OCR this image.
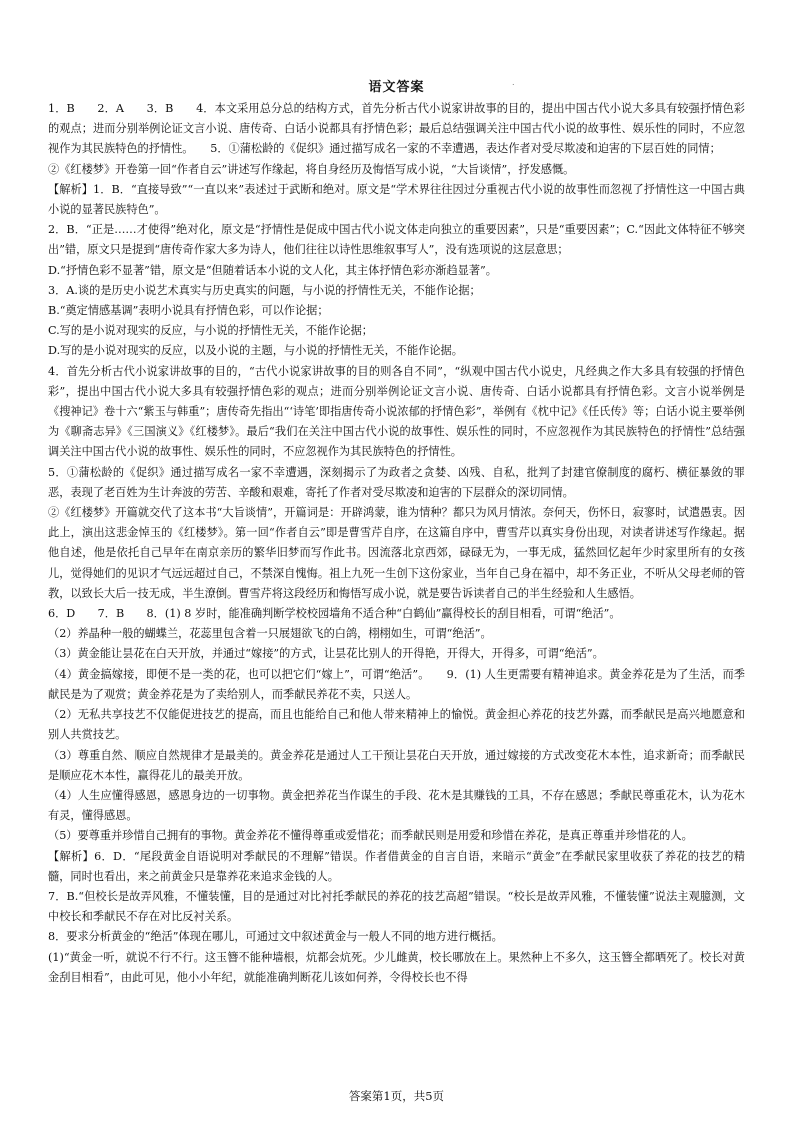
.
语文答案

1．B　　2．A　　3．B　　4．本文采用总分总的结构方式，首先分析古代小说家讲故事的目的，提出中国古代小说大多具有较强抒情色彩的观点；进而分别举例论证文言小说、唐传奇、白话小说都具有抒情色彩；最后总结强调关注中国古代小说的故事性、娱乐性的同时，不应忽视作为其民族特色的抒情性。　　5．①蒲松龄的《促织》通过描写成名一家的不幸遭遇，表达作者对受尽欺凌和迫害的下层百姓的同情；

②《红楼梦》开卷第一回“作者自云”讲述写作缘起，将自身经历及悔悟写成小说，“大旨谈情”，抒发感慨。

【解析】1．B．“直接导致”“一直以来”表述过于武断和绝对。原文是“学术界往往因过分重视古代小说的故事性而忽视了抒情性这一中国古典小说的显著民族特色”。

2．B．“正是……才使得”绝对化，原文是“抒情性是促成中国古代小说文体走向独立的重要因素”，只是“重要因素”；C.“因此文体特征不够突出”错，原文只是提到“唐传奇作家大多为诗人，他们往往以诗性思维叙事写人”，没有选项说的这层意思；

D.“抒情色彩不显著”错，原文是“但随着话本小说的文人化，其主体抒情色彩亦渐趋显著”。

3．A.谈的是历史小说艺术真实与历史真实的问题，与小说的抒情性无关，不能作论据；

B.“奠定情感基调”表明小说具有抒情色彩，可以作论据；

C.写的是小说对现实的反应，与小说的抒情性无关，不能作论据；

D.写的是小说对现实的反应，以及小说的主题，与小说的抒情性无关，不能作论据。

4．首先分析古代小说家讲故事的目的，“古代小说家讲故事的目的则各自不同”，“纵观中国古代小说史，凡经典之作大多具有较强的抒情色彩”，提出中国古代小说大多具有较强抒情色彩的观点；进而分别举例论证文言小说、唐传奇、白话小说都具有抒情色彩。文言小说举例是《搜神记》卷十六“紫玉与韩重”；唐传奇先指出“‘诗笔’即指唐传奇小说浓郁的抒情色彩”，举例有《枕中记》《任氏传》等；白话小说主要举例为《聊斋志异》《三国演义》《红楼梦》。最后“我们在关注中国古代小说的故事性、娱乐性的同时，不应忽视作为其民族特色的抒情性”总结强调关注中国古代小说的故事性、娱乐性的同时，不应忽视作为其民族特色的抒情性。

5．①蒲松龄的《促织》通过描写成名一家不幸遭遇，深刻揭示了为政者之贪婪、凶残、自私，批判了封建官僚制度的腐朽、横征暴敛的罪恶，表现了老百姓为生计奔波的劳苦、辛酸和艰难，寄托了作者对受尽欺凌和迫害的下层群众的深切同情。

②《红楼梦》开篇就交代了这本书“大旨谈情”，开篇词是：开辟鸿蒙，谁为情种？都只为风月情浓。奈何天，伤怀日，寂寥时，试遣愚衷。因此上，演出这悲金悼玉的《红楼梦》。第一回“作者自云”即是曹雪芹自序，在这篇自序中，曹雪芹以真实身份出现，对读者讲述写作缘起。据他自述，他是依托自己早年在南京亲历的繁华旧梦而写作此书。因流落北京西郊，碌碌无为，一事无成，猛然回忆起年少时家里所有的女孩儿，觉得她们的见识才气远远超过自己，不禁深自愧悔。祖上九死一生创下这份家业，当年自己身在福中，却不务正业，不听从父母老师的管教，以致长大后一技无成，半生潦倒。曹雪芹将这段经历和悔悟写成小说，就是要告诉读者自己的半生经验和人生感悟。

6．D　　7．B　　8．(1) 8 岁时，能准确判断学校校园墙角不适合种“白鹤仙”赢得校长的刮目相看，可谓“绝活”。

（2）养晶种一般的蝴蝶兰，花蕊里包含着一只展翅欲飞的白鸽，栩栩如生，可谓“绝活”。

（3）黄金能让昙花在白天开放，并通过“嫁接”的方式，让昙花比别人的开得艳，开得大，开得多，可谓“绝活”。

（4）黄金搞嫁接，即便不是一类的花，也可以把它们“嫁上”，可谓“绝活”。　　9．(1) 人生更需要有精神追求。黄金养花是为了生活，而季献民是为了观赏；黄金养花是为了卖给别人，而季献民养花不卖，只送人。

（2）无私共享技艺不仅能促进技艺的提高，而且也能给自己和他人带来精神上的愉悦。黄金担心养花的技艺外露，而季献民是高兴地愿意和别人共赏技艺。

（3）尊重自然、顺应自然规律才是最美的。黄金养花是通过人工干预让昙花白天开放，通过嫁接的方式改变花木本性，追求新奇；而季献民是顺应花木本性，赢得花儿的最美开放。

（4）人生应懂得感恩，感恩身边的一切事物。黄金把养花当作谋生的手段、花木是其赚钱的工具，不存在感恩；季献民尊重花木，认为花木有灵，懂得感恩。

（5）要尊重并珍惜自己拥有的事物。黄金养花不懂得尊重或爱惜花；而季献民则是用爱和珍惜在养花，是真正尊重并珍惜花的人。

【解析】6．D．“尾段黄金自语说明对季献民的不理解”错误。作者借黄金的自言自语，来暗示“黄金”在季献民家里收获了养花的技艺的精髓，同时也看出，来之前黄金只是靠养花来追求金钱的人。

7．B.“但校长是故弄风雅，不懂装懂，目的是通过对比衬托季献民的养花的技艺高超”错误。“校长是故弄风雅，不懂装懂”说法主观臆测，文中校长和季献民不存在对比反衬关系。

8．要求分析黄金的“绝活”体现在哪儿，可通过文中叙述黄金与一般人不同的地方进行概括。

(1)“黄金一听，就说不行不行。这玉簪不能种墙根，炕都会炕死。少儿雌黄，校长哪放在上。果然种上不多久，这玉簪全都晒死了。校长对黄金刮目相看”，由此可见，他小小年纪，就能准确判断花儿该如何养，令得校长也不得

答案第1页，共5页
